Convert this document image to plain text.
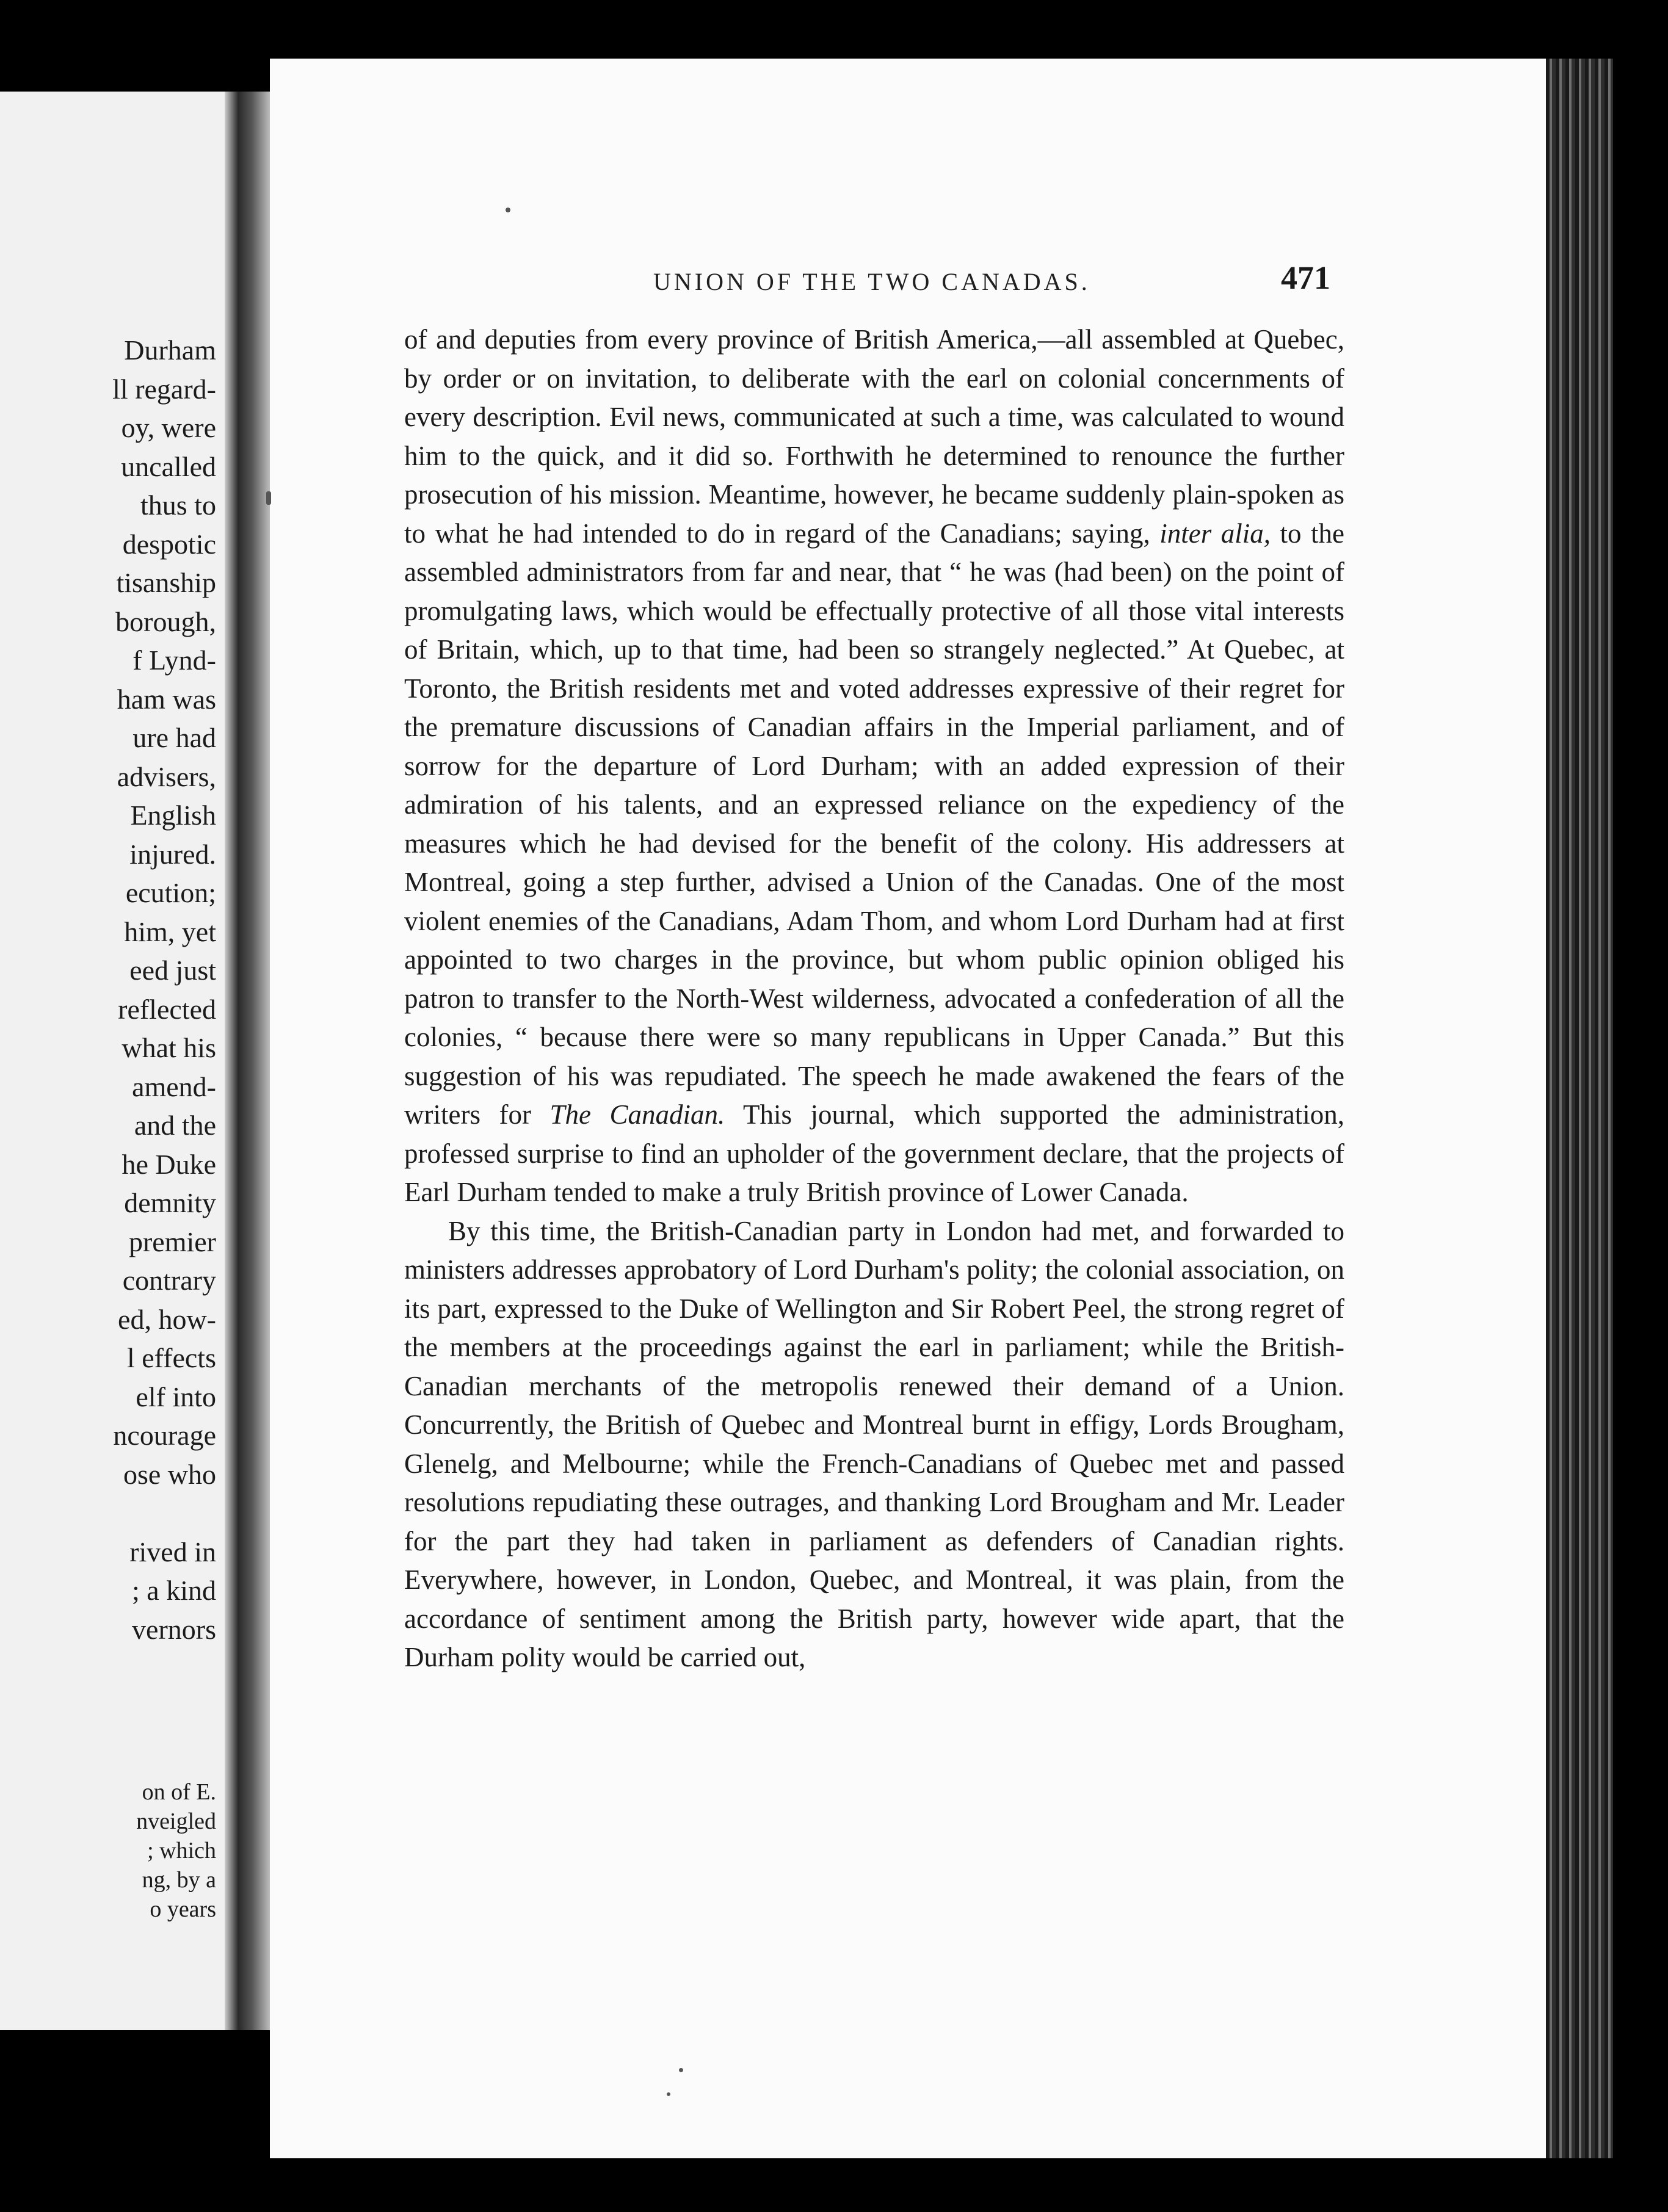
Durham
ll regard-
oy, were
uncalled
thus to
despotic
tisanship
borough,
f Lynd-
ham was
ure had
advisers,
English
injured.
ecution;
him, yet
eed just
reflected
what his
amend-
and the
he Duke
demnity
premier
contrary
ed, how-
l effects
elf into
ncourage
ose who

rived in
; a kind
vernors
on of E.
nveigled
; which
ng, by a
o years
UNION OF THE TWO CANADAS.	471

of and deputies from every province of British America,—all assembled at Quebec, by order or on invitation, to deliberate with the earl on colonial concernments of every description. Evil news, communicated at such a time, was calculated to wound him to the quick, and it did so. Forthwith he determined to renounce the further prosecution of his mission. Meantime, however, he became suddenly plain-spoken as to what he had intended to do in regard of the Canadians; saying, inter alia, to the assembled administrators from far and near, that “ he was (had been) on the point of promulgating laws, which would be effectually protective of all those vital interests of Britain, which, up to that time, had been so strangely neglected.” At Quebec, at Toronto, the British residents met and voted addresses expressive of their regret for the premature discussions of Canadian affairs in the Imperial parliament, and of sorrow for the departure of Lord Durham; with an added expression of their admiration of his talents, and an expressed reliance on the expediency of the measures which he had devised for the benefit of the colony. His addressers at Montreal, going a step further, advised a Union of the Canadas. One of the most violent enemies of the Canadians, Adam Thom, and whom Lord Durham had at first appointed to two charges in the province, but whom public opinion obliged his patron to transfer to the North-West wilderness, advocated a confederation of all the colonies, “ because there were so many republicans in Upper Canada.” But this suggestion of his was repudiated. The speech he made awakened the fears of the writers for The Canadian. This journal, which supported the administration, professed surprise to find an upholder of the government declare, that the projects of Earl Durham tended to make a truly British province of Lower Canada.

By this time, the British-Canadian party in London had met, and forwarded to ministers addresses approbatory of Lord Durham's polity; the colonial association, on its part, expressed to the Duke of Wellington and Sir Robert Peel, the strong regret of the members at the proceedings against the earl in parliament; while the British-Canadian merchants of the metropolis renewed their demand of a Union. Concurrently, the British of Quebec and Montreal burnt in effigy, Lords Brougham, Glenelg, and Melbourne; while the French-Canadians of Quebec met and passed resolutions repudiating these outrages, and thanking Lord Brougham and Mr. Leader for the part they had taken in parliament as defenders of Canadian rights. Everywhere, however, in London, Quebec, and Montreal, it was plain, from the accordance of sentiment among the British party, however wide apart, that the Durham polity would be carried out,
